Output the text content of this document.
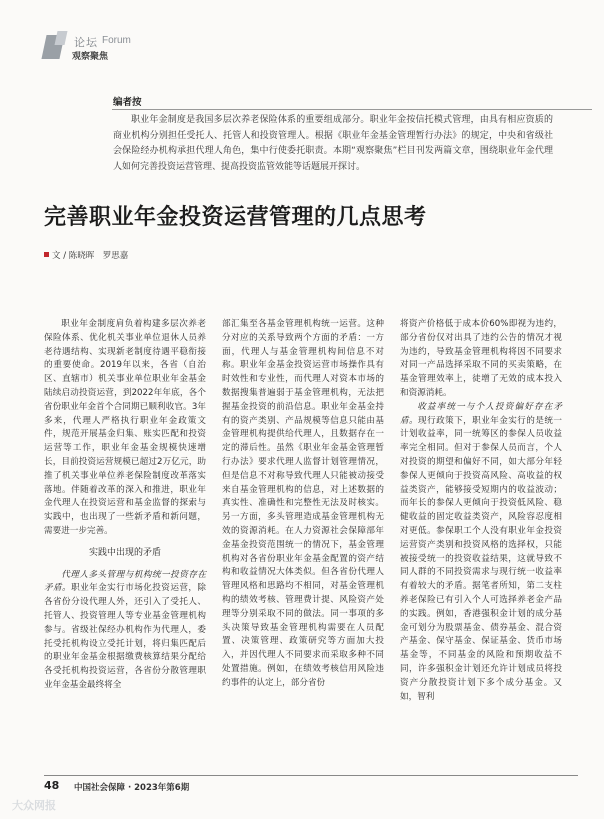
论坛 Forum
观察聚焦
编者按
职业年金制度是我国多层次养老保险体系的重要组成部分。职业年金按信托模式管理，由具有相应资质的商业机构分别担任受托人、托管人和投资管理人。根据《职业年金基金管理暂行办法》的规定，中央和省级社会保险经办机构承担代理人角色，集中行使委托职责。本期“观察聚焦”栏目刊发两篇文章，围绕职业年金代理人如何完善投资运营管理、提高投资监管效能等话题展开探讨。
完善职业年金投资运营管理的几点思考
文 / 陈晓晖　罗思嘉

职业年金制度肩负着构建多层次养老保险体系、优化机关事业单位退休人员养老待遇结构、实现新老制度待遇平稳衔接的重要使命。2019年以来，各省（自治区、直辖市）机关事业单位职业年金基金陆续启动投资运营，到2022年年底，各个省份职业年金首个合同期已顺利收官。3年多来，代理人严格执行职业年金政策文件，规范开展基金归集、账实匹配和投资运营等工作，职业年金基金规模快速增长，目前投资运营规模已超过2万亿元，助推了机关事业单位养老保险制度改革落实落地。伴随着改革的深入和推进，职业年金代理人在投资运营和基金监督的探索与实践中，也出现了一些新矛盾和新问题，需要进一步完善。

实践中出现的矛盾

代理人多头管理与机构统一投资存在矛盾。职业年金实行市场化投资运营，除各省份分设代理人外，还引入了受托人、托管人、投资管理人等专业基金管理机构参与。省级社保经办机构作为代理人，委托受托机构设立受托计划，将归集匹配后的职业年金基金根据缴费核算结果分配给各受托机构投资运营，各省份分散管理职业年金基金最终将全

部汇集至各基金管理机构统一运营。这种分对应的关系导致两个方面的矛盾：一方面，代理人与基金管理机构间信息不对称。职业年金基金投资运营市场操作具有时效性和专业性，而代理人对资本市场的数据搜集普遍弱于基金管理机构，无法把握基金投资的前沿信息。职业年金基金持有的资产类别、产品规模等信息只能由基金管理机构提供给代理人，且数据存在一定的滞后性。虽然《职业年金基金管理暂行办法》要求代理人监督计划管理情况，但是信息不对称导致代理人只能被动接受来自基金管理机构的信息，对上述数据的真实性、准确性和完整性无法及时核实。另一方面，多头管理造成基金管理机构无效的资源消耗。在人力资源社会保障部年金基金投资范围统一的情况下，基金管理机构对各省份职业年金基金配置的资产结构和收益情况大体类似。但各省份代理人管理风格和思路均不相同，对基金管理机构的绩效考核、管理费计提、风险资产处理等分别采取不同的做法。同一事项的多头决策导致基金管理机构需要在人员配置、决策管理、政策研究等方面加大投入，并因代理人不同要求而采取多种不同处置措施。例如，在绩效考核信用风险违约事件的认定上，部分省份

将资产价格低于成本价60%即视为违约，部分省份仅对出具了违约公告的情况才视为违约，导致基金管理机构将因不同要求对同一产品选择采取不同的买卖策略，在基金管理效率上，徒增了无效的成本投入和资源消耗。

收益率统一与个人投资偏好存在矛盾。现行政策下，职业年金实行的是统一计划收益率，同一统筹区的参保人员收益率完全相同。但对于参保人员而言，个人对投资的期望和偏好不同，如大部分年轻参保人更倾向于投资高风险、高收益的权益类资产，能够接受短期内的收益波动；而年长的参保人更倾向于投资低风险、稳健收益的固定收益类资产，风险容忍度相对更低。参保职工个人没有职业年金投资运营资产类别和投资风格的选择权，只能被接受统一的投资收益结果，这就导致不同人群的不同投资需求与现行统一收益率有着较大的矛盾。据笔者所知，第二支柱养老保险已有引入个人可选择养老金产品的实践。例如，香港强积金计划的成分基金可划分为股票基金、债券基金、混合资产基金、保守基金、保证基金、货币市场基金等，不同基金的风险和预期收益不同，许多强积金计划还允许计划成员将投资产分散投资计划下多个成分基金。又如，智利

48 中国社会保障 · 2023年第6期
大众网报
